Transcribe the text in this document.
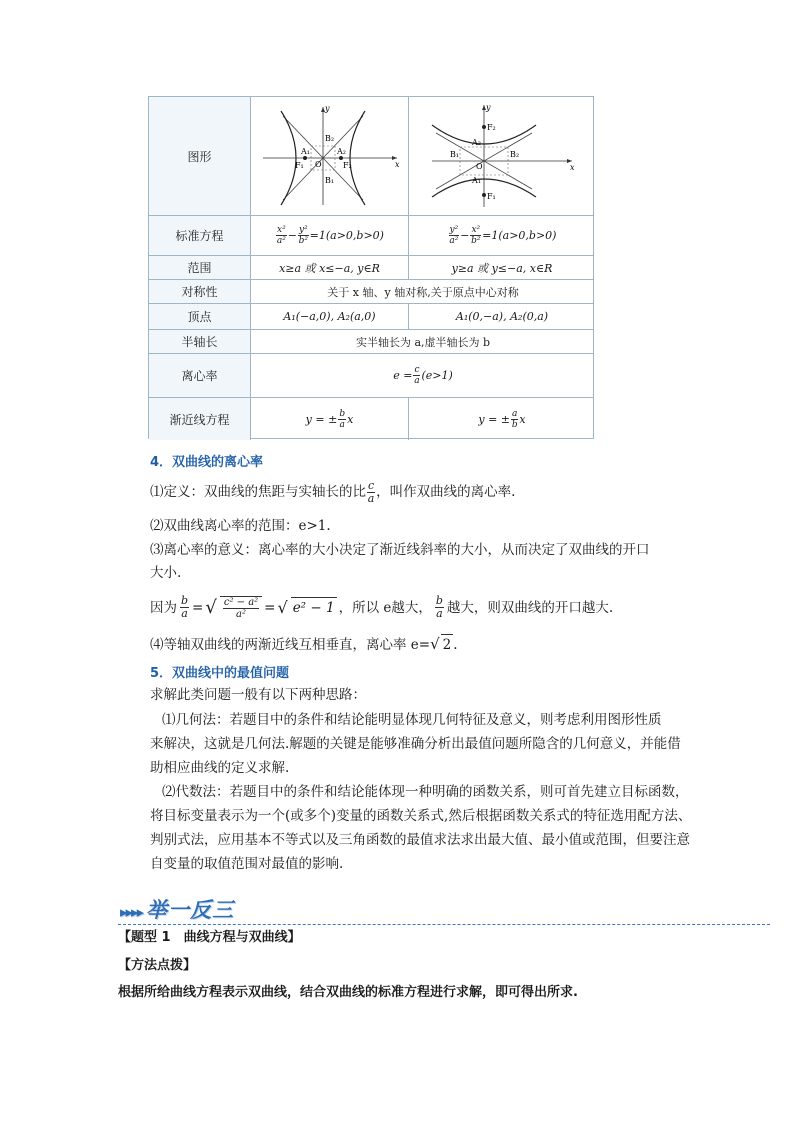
图形
y
x
B₂
B₁
A₁	A₂
F₁	F₂
O
y
x
F₂
F₁
A₂
A₁
B₁	B₂
O
标准方程	$\frac{\text{x²}}{\text{a²}} - \frac{\text{y²}}{\text{b²}} =1(a>0,b>0)$	$\frac{\text{y²}}{\text{a²}} - \frac{\text{x²}}{\text{b²}} =1(a>0,b>0)$
范围	x≥a 或 x≤−a, y∈R	y≥a 或 y≤−a, x∈R
对称性	关于 x 轴、y 轴对称,关于原点中心对称
顶点	A₁(−a,0), A₂(a,0)	A₁(0,−a), A₂(0,a)
半轴长	实半轴长为 a,虚半轴长为 b
离心率	$e = \frac{c}{a} (e>1)$
渐近线方程	y = ± $\frac{b}{a}$ x	y = ± $\frac{a}{b}$ x
4．双曲线的离心率
⑴定义：双曲线的焦距与实轴长的比 $\frac{c}{a}$ ，叫作双曲线的离心率.
⑵双曲线离心率的范围：e>1.
⑶离心率的意义：离心率的大小决定了渐近线斜率的大小，从而决定了双曲线的开口
大小.
因为 $\frac{b}{a}$ = √ $\frac{\text{c² − a²}}{\text{a²}}$ = √ e² − 1 ，所以 e越大， $\frac{b}{a}$ 越大，则双曲线的开口越大.
⑷等轴双曲线的两渐近线互相垂直，离心率 e=√ 2 .
5．双曲线中的最值问题
求解此类问题一般有以下两种思路：
⑴几何法：若题目中的条件和结论能明显体现几何特征及意义，则考虑利用图形性质
来解决，这就是几何法.解题的关键是能够准确分析出最值问题所隐含的几何意义，并能借
助相应曲线的定义求解.
⑵代数法：若题目中的条件和结论能体现一种明确的函数关系，则可首先建立目标函数，
将目标变量表示为一个(或多个)变量的函数关系式,然后根据函数关系式的特征选用配方法、
判别式法，应用基本不等式以及三角函数的最值求法求出最大值、最小值或范围，但要注意
自变量的取值范围对最值的影响.
▸▸▸▸ 举一反三
【题型 1　曲线方程与双曲线】
【方法点拨】
根据所给曲线方程表示双曲线，结合双曲线的标准方程进行求解，即可得出所求.
